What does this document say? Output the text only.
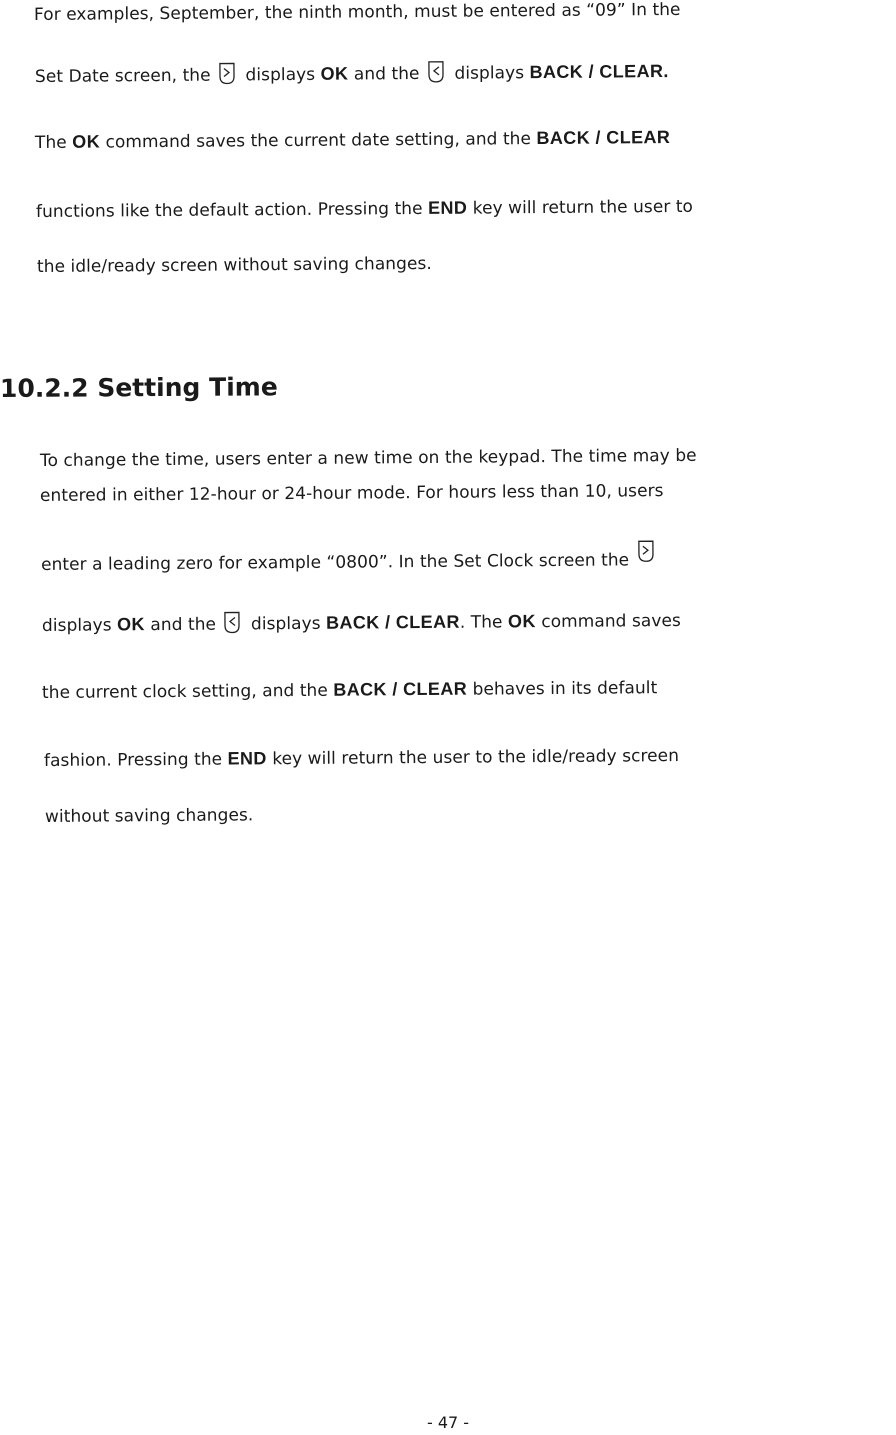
For examples, September, the ninth month, must be entered as “09” In the
Set Date screen, the displays OK and the displays BACK / CLEAR.
The OK command saves the current date setting, and the BACK / CLEAR
functions like the default action. Pressing the END key will return the user to
the idle/ready screen without saving changes.
10.2.2 Setting Time
To change the time, users enter a new time on the keypad. The time may be
entered in either 12-hour or 24-hour mode. For hours less than 10, users
enter a leading zero for example “0800”. In the Set Clock screen the
displays OK and the displays BACK / CLEAR. The OK command saves
the current clock setting, and the BACK / CLEAR behaves in its default
fashion. Pressing the END key will return the user to the idle/ready screen
without saving changes.
- 47 -
